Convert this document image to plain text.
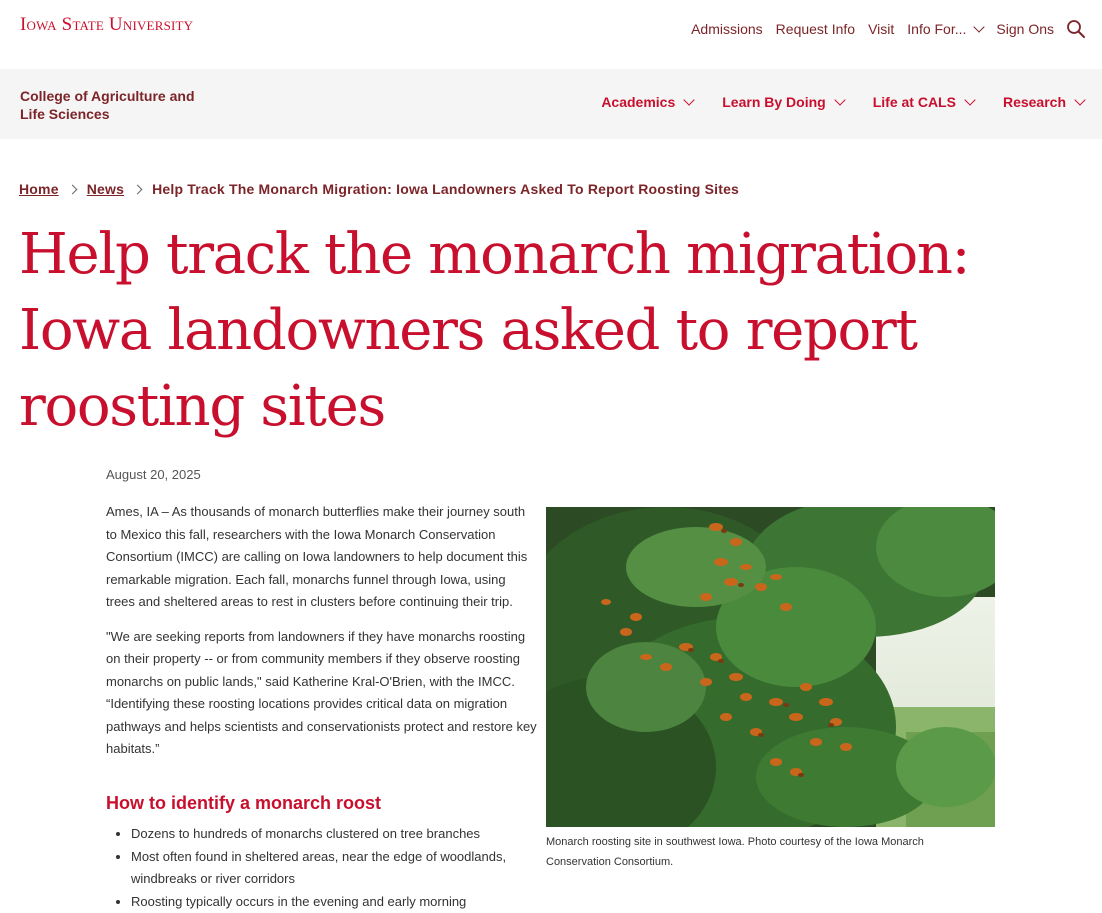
Iowa State University	Admissions Request Info Visit Info For...	Sign Ons
College of Agriculture and Life Sciences
Academics	Learn By Doing	Life at CALS	Research
Home News Help Track The Monarch Migration: Iowa Landowners Asked To Report Roosting Sites
Help track the monarch migration: Iowa landowners asked to report roosting sites
August 20, 2025

Ames, IA – As thousands of monarch butterflies make their journey south to Mexico this fall, researchers with the Iowa Monarch Conservation Consortium (IMCC) are calling on Iowa landowners to help document this remarkable migration. Each fall, monarchs funnel through Iowa, using trees and sheltered areas to rest in clusters before continuing their trip.

"We are seeking reports from landowners if they have monarchs roosting on their property -- or from community members if they observe roosting monarchs on public lands," said Katherine Kral-O'Brien, with the IMCC. “Identifying these roosting locations provides critical data on migration pathways and helps scientists and conservationists protect and restore key habitats.”

How to identify a monarch roost
• Dozens to hundreds of monarchs clustered on tree branches
• Most often found in sheltered areas, near the edge of woodlands, windbreaks or river corridors
• Roosting typically occurs in the evening and early morning
Monarch roosting site in southwest Iowa. Photo courtesy of the Iowa Monarch Conservation Consortium.
